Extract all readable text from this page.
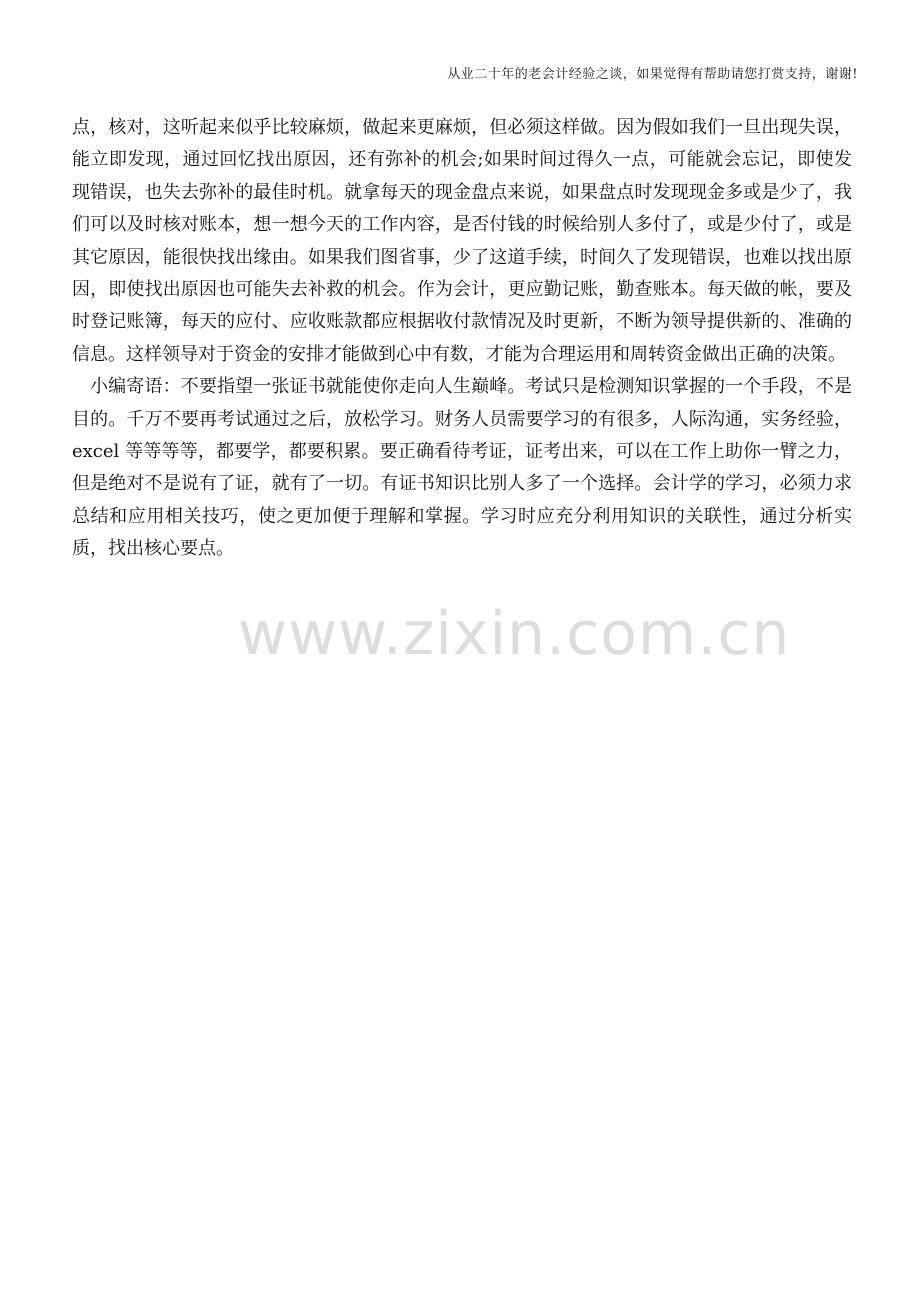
从业二十年的老会计经验之谈，如果觉得有帮助请您打赏支持，谢谢!

点，核对，这听起来似乎比较麻烦，做起来更麻烦，但必须这样做。因为假如我们一旦出现失误，能立即发现，通过回忆找出原因，还有弥补的机会;如果时间过得久一点，可能就会忘记，即使发现错误，也失去弥补的最佳时机。就拿每天的现金盘点来说，如果盘点时发现现金多或是少了，我们可以及时核对账本，想一想今天的工作内容，是否付钱的时候给别人多付了，或是少付了，或是其它原因，能很快找出缘由。如果我们图省事，少了这道手续，时间久了发现错误，也难以找出原因，即使找出原因也可能失去补救的机会。作为会计，更应勤记账，勤查账本。每天做的帐，要及时登记账簿，每天的应付、应收账款都应根据收付款情况及时更新，不断为领导提供新的、准确的信息。这样领导对于资金的安排才能做到心中有数，才能为合理运用和周转资金做出正确的决策。

小编寄语：不要指望一张证书就能使你走向人生巅峰。考试只是检测知识掌握的一个手段，不是目的。千万不要再考试通过之后，放松学习。财务人员需要学习的有很多，人际沟通，实务经验，excel 等等等等，都要学，都要积累。要正确看待考证，证考出来，可以在工作上助你一臂之力，但是绝对不是说有了证，就有了一切。有证书知识比别人多了一个选择。会计学的学习，必须力求总结和应用相关技巧，使之更加便于理解和掌握。学习时应充分利用知识的关联性，通过分析实质，找出核心要点。

www.zixin.com.cn
